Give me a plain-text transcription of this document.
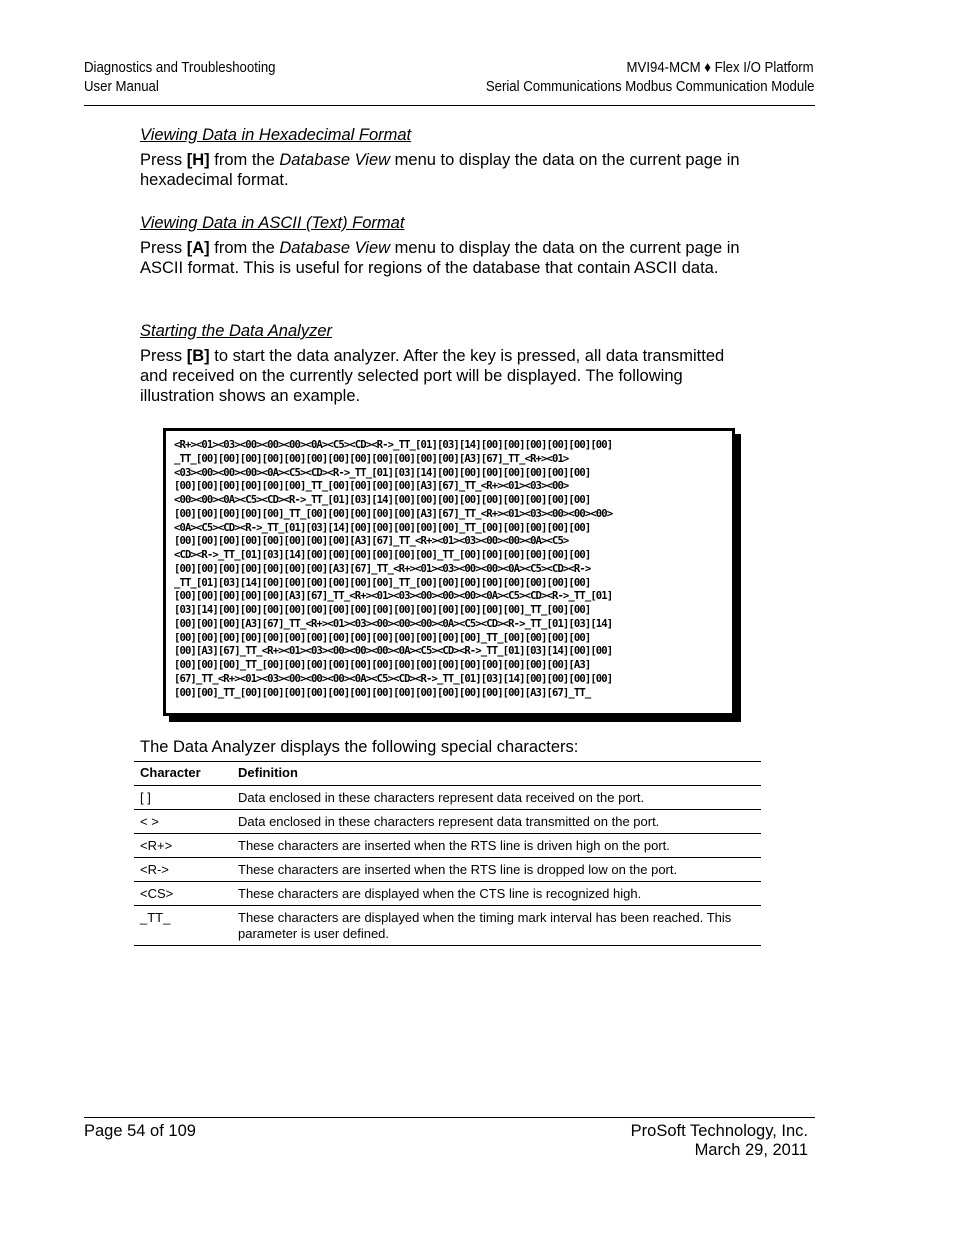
Diagnostics and Troubleshooting
User Manual
MVI94-MCM ♦ Flex I/O Platform
Serial Communications Modbus Communication Module
Viewing Data in Hexadecimal Format
Press [H] from the Database View menu to display the data on the current page in hexadecimal format.
Viewing Data in ASCII (Text) Format
Press [A] from the Database View menu to display the data on the current page in ASCII format. This is useful for regions of the database that contain ASCII data.
Starting the Data Analyzer
Press [B] to start the data analyzer. After the key is pressed, all data transmitted and received on the currently selected port will be displayed. The following illustration shows an example.
<R+><01><03><00><00><00><0A><C5><CD><R->_TT_[01][03][14][00][00][00][00][00][00]
_TT_[00][00][00][00][00][00][00][00][00][00][00][00][A3][67]_TT_<R+><01>
<03><00><00><00><0A><C5><CD><R->_TT_[01][03][14][00][00][00][00][00][00][00]
[00][00][00][00][00][00]_TT_[00][00][00][00][A3][67]_TT_<R+><01><03><00>
<00><00><0A><C5><CD><R->_TT_[01][03][14][00][00][00][00][00][00][00][00][00]
[00][00][00][00][00]_TT_[00][00][00][00][00][A3][67]_TT_<R+><01><03><00><00><00>
<0A><C5><CD><R->_TT_[01][03][14][00][00][00][00][00]_TT_[00][00][00][00][00]
[00][00][00][00][00][00][00][00][A3][67]_TT_<R+><01><03><00><00><0A><C5>
<CD><R->_TT_[01][03][14][00][00][00][00][00][00]_TT_[00][00][00][00][00][00]
[00][00][00][00][00][00][00][A3][67]_TT_<R+><01><03><00><00><0A><C5><CD><R->
_TT_[01][03][14][00][00][00][00][00][00]_TT_[00][00][00][00][00][00][00][00]
[00][00][00][00][00][A3][67]_TT_<R+><01><03><00><00><00><0A><C5><CD><R->_TT_[01]
[03][14][00][00][00][00][00][00][00][00][00][00][00][00][00][00]_TT_[00][00]
[00][00][00][A3][67]_TT_<R+><01><03><00><00><00><0A><C5><CD><R->_TT_[01][03][14]
[00][00][00][00][00][00][00][00][00][00][00][00][00][00]_TT_[00][00][00][00]
[00][A3][67]_TT_<R+><01><03><00><00><00><0A><C5><CD><R->_TT_[01][03][14][00][00]
[00][00][00]_TT_[00][00][00][00][00][00][00][00][00][00][00][00][00][00][A3]
[67]_TT_<R+><01><03><00><00><00><0A><C5><CD><R->_TT_[01][03][14][00][00][00][00]
[00][00]_TT_[00][00][00][00][00][00][00][00][00][00][00][00][00][A3][67]_TT_
The Data Analyzer displays the following special characters:
Character	Definition
[ ]	Data enclosed in these characters represent data received on the port.
< >	Data enclosed in these characters represent data transmitted on the port.
<R+>	These characters are inserted when the RTS line is driven high on the port.
<R->	These characters are inserted when the RTS line is dropped low on the port.
<CS>	These characters are displayed when the CTS line is recognized high.
_TT_	These characters are displayed when the timing mark interval has been reached. This parameter is user defined.
Page 54 of 109	ProSoft Technology, Inc.
March 29, 2011
